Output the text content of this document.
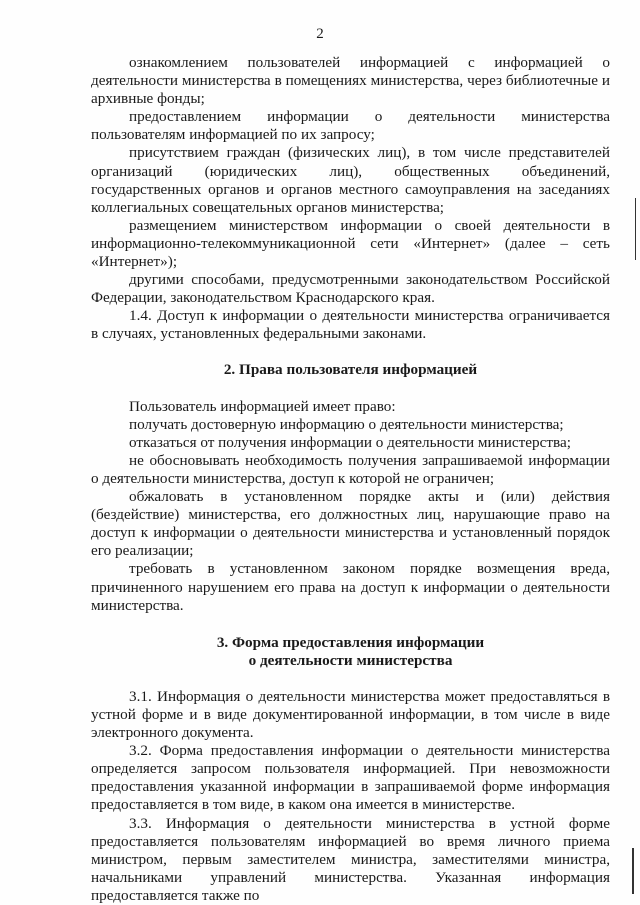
2

ознакомлением пользователей информацией с информацией о деятельности министерства в помещениях министерства, через библиотечные и архивные фонды;

предоставлением информации о деятельности министерства пользователям информацией по их запросу;

присутствием граждан (физических лиц), в том числе представителей организаций (юридических лиц), общественных объединений, государственных органов и органов местного самоуправления на заседаниях коллегиальных совещательных органов министерства;

размещением министерством информации о своей деятельности в информационно-телекоммуникационной сети «Интернет» (далее – сеть «Интернет»);

другими способами, предусмотренными законодательством Российской Федерации, законодательством Краснодарского края.

1.4. Доступ к информации о деятельности министерства ограничивается в случаях, установленных федеральными законами.

2. Права пользователя информацией

Пользователь информацией имеет право:

получать достоверную информацию о деятельности министерства;

отказаться от получения информации о деятельности министерства;

не обосновывать необходимость получения запрашиваемой информации о деятельности министерства, доступ к которой не ограничен;

обжаловать в установленном порядке акты и (или) действия (бездействие) министерства, его должностных лиц, нарушающие право на доступ к информации о деятельности министерства и установленный порядок его реализации;

требовать в установленном законом порядке возмещения вреда, причиненного нарушением его права на доступ к информации о деятельности министерства.

3. Форма предоставления информации
о деятельности министерства

3.1. Информация о деятельности министерства может предоставляться в устной форме и в виде документированной информации, в том числе в виде электронного документа.

3.2. Форма предоставления информации о деятельности министерства определяется запросом пользователя информацией. При невозможности предоставления указанной информации в запрашиваемой форме информация предоставляется в том виде, в каком она имеется в министерстве.

3.3. Информация о деятельности министерства в устной форме предоставляется пользователям информацией во время личного приема министром, первым заместителем министра, заместителями министра, начальниками управлений министерства. Указанная информация предоставляется также по
